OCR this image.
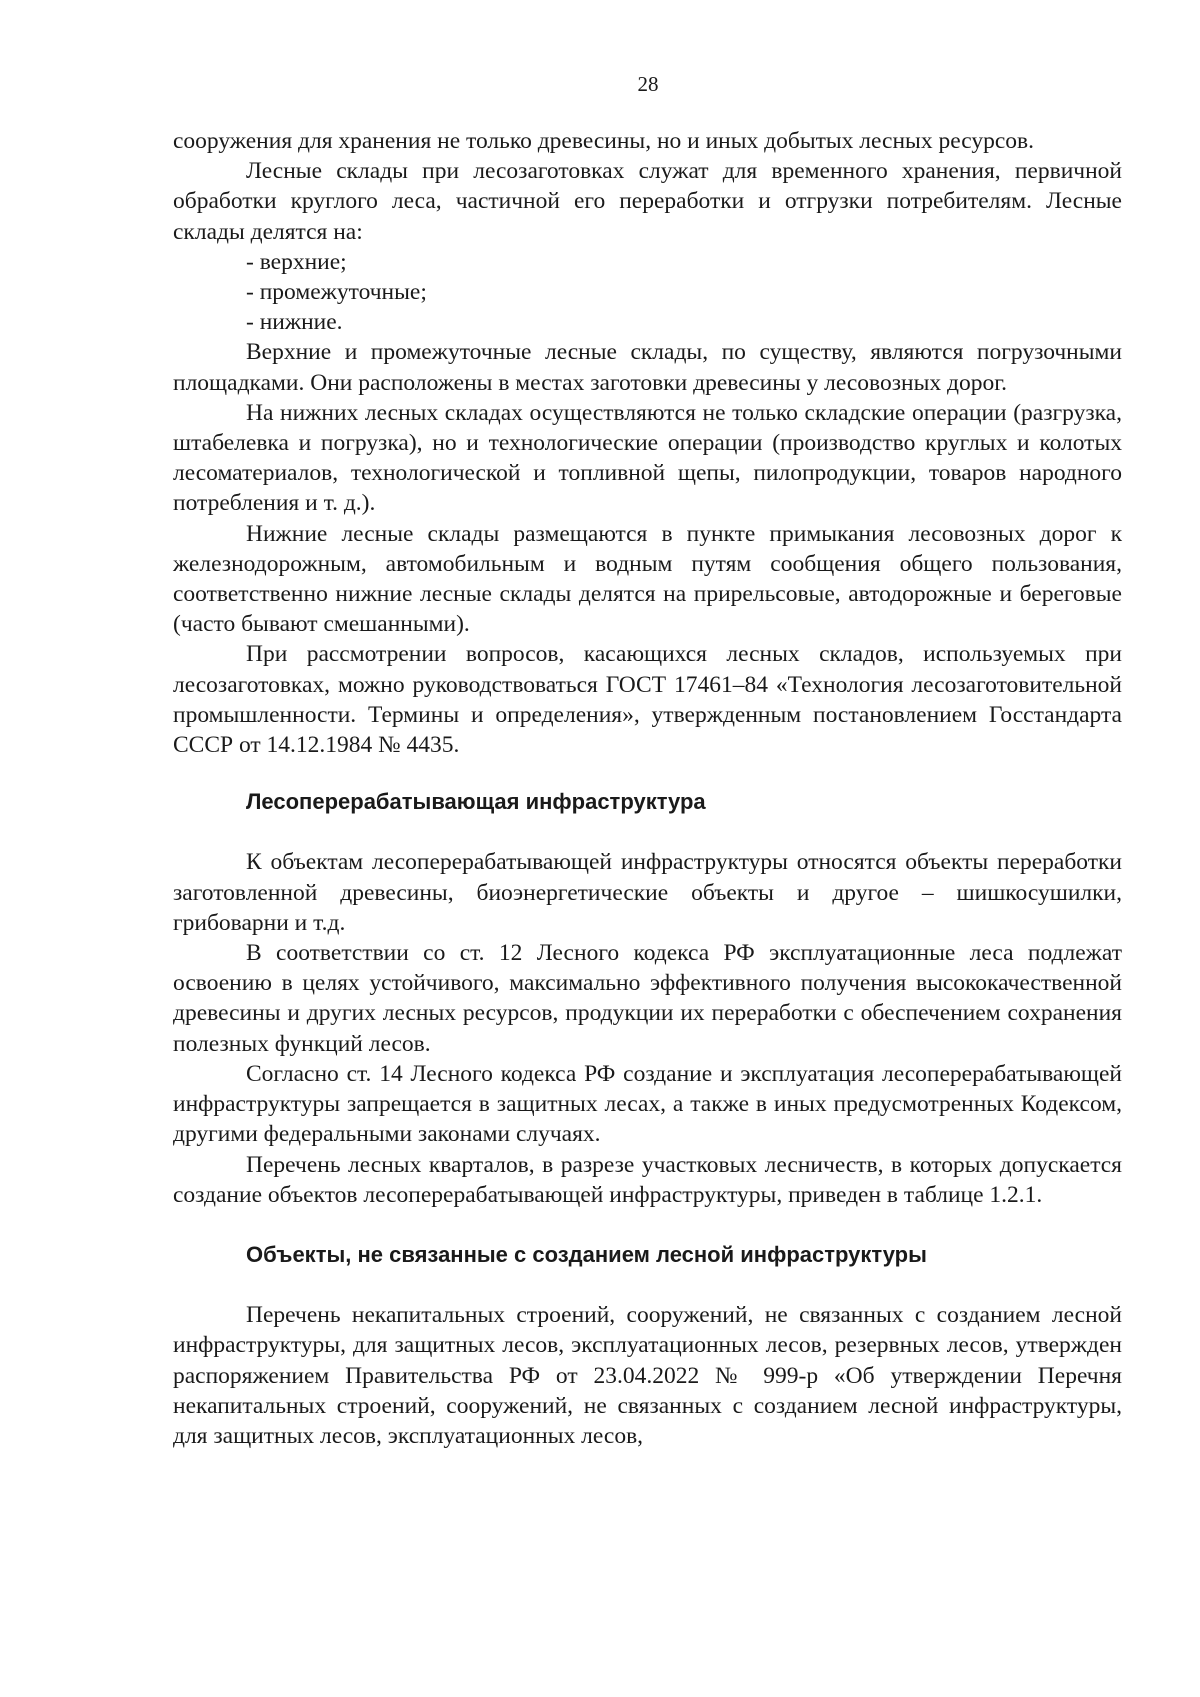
28

сооружения для хранения не только древесины, но и иных добытых лесных ресурсов.

Лесные склады при лесозаготовках служат для временного хранения, первичной обработки круглого леса, частичной его переработки и отгрузки потребителям. Лесные склады делятся на:

- верхние;

- промежуточные;

- нижние.

Верхние и промежуточные лесные склады, по существу, являются погрузочными площадками. Они расположены в местах заготовки древесины у лесовозных дорог.

На нижних лесных складах осуществляются не только складские операции (разгрузка, штабелевка и погрузка), но и технологические операции (производство круглых и колотых лесоматериалов, технологической и топливной щепы, пилопродукции, товаров народного потребления и т. д.).

Нижние лесные склады размещаются в пункте примыкания лесовозных дорог к железнодорожным, автомобильным и водным путям сообщения общего пользования, соответственно нижние лесные склады делятся на прирельсовые, автодорожные и береговые (часто бывают смешанными).

При рассмотрении вопросов, касающихся лесных складов, используемых при лесозаготовках, можно руководствоваться ГОСТ 17461–84 «Технология лесозаготовительной промышленности. Термины и определения», утвержденным постановлением Госстандарта СССР от 14.12.1984 № 4435.

Лесоперерабатывающая инфраструктура

К объектам лесоперерабатывающей инфраструктуры относятся объекты переработки заготовленной древесины, биоэнергетические объекты и другое – шишкосушилки, грибоварни и т.д.

В соответствии со ст. 12 Лесного кодекса РФ эксплуатационные леса подлежат освоению в целях устойчивого, максимально эффективного получения высококачественной древесины и других лесных ресурсов, продукции их переработки с обеспечением сохранения полезных функций лесов.

Согласно ст. 14 Лесного кодекса РФ создание и эксплуатация лесоперерабатывающей инфраструктуры запрещается в защитных лесах, а также в иных предусмотренных Кодексом, другими федеральными законами случаях.

Перечень лесных кварталов, в разрезе участковых лесничеств, в которых допускается создание объектов лесоперерабатывающей инфраструктуры, приведен в таблице 1.2.1.

Объекты, не связанные с созданием лесной инфраструктуры

Перечень некапитальных строений, сооружений, не связанных с созданием лесной инфраструктуры, для защитных лесов, эксплуатационных лесов, резервных лесов, утвержден распоряжением Правительства РФ от 23.04.2022 № 999-р «Об утверждении Перечня некапитальных строений, сооружений, не связанных с созданием лесной инфраструктуры, для защитных лесов, эксплуатационных лесов,
